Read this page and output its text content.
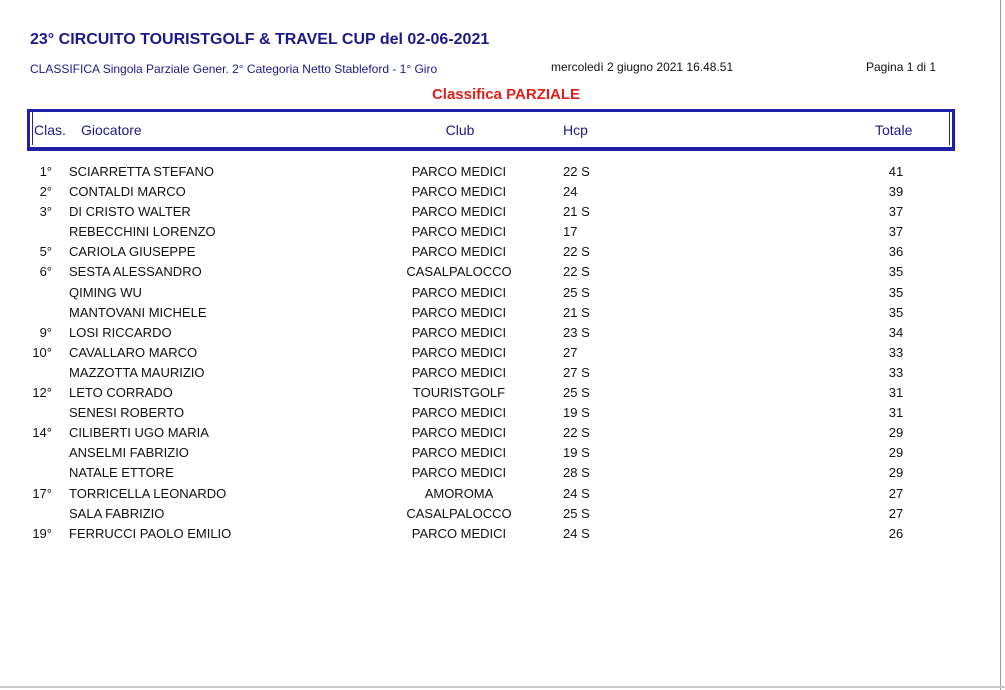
23° CIRCUITO TOURISTGOLF & TRAVEL CUP del 02-06-2021
CLASSIFICA Singola Parziale Gener. 2° Categoria Netto Stableford - 1° Giro	mercoledì 2 giugno 2021 16.48.51	Pagina 1 di 1
Classifica PARZIALE
Clas. Giocatore	Club	Hcp	Totale
1° SCIARRETTA STEFANO	PARCO MEDICI	22 S	41
2° CONTALDI MARCO	PARCO MEDICI	24	39
3° DI CRISTO WALTER	PARCO MEDICI	21 S	37
REBECCHINI LORENZO	PARCO MEDICI	17	37
5° CARIOLA GIUSEPPE	PARCO MEDICI	22 S	36
6° SESTA ALESSANDRO	CASALPALOCCO	22 S	35
QIMING WU	PARCO MEDICI	25 S	35
MANTOVANI MICHELE	PARCO MEDICI	21 S	35
9° LOSI RICCARDO	PARCO MEDICI	23 S	34
10° CAVALLARO MARCO	PARCO MEDICI	27	33
MAZZOTTA MAURIZIO	PARCO MEDICI	27 S	33
12° LETO CORRADO	TOURISTGOLF	25 S	31
SENESI ROBERTO	PARCO MEDICI	19 S	31
14° CILIBERTI UGO MARIA	PARCO MEDICI	22 S	29
ANSELMI FABRIZIO	PARCO MEDICI	19 S	29
NATALE ETTORE	PARCO MEDICI	28 S	29
17° TORRICELLA LEONARDO	AMOROMA	24 S	27
SALA FABRIZIO	CASALPALOCCO	25 S	27
19° FERRUCCI PAOLO EMILIO	PARCO MEDICI	24 S	26
